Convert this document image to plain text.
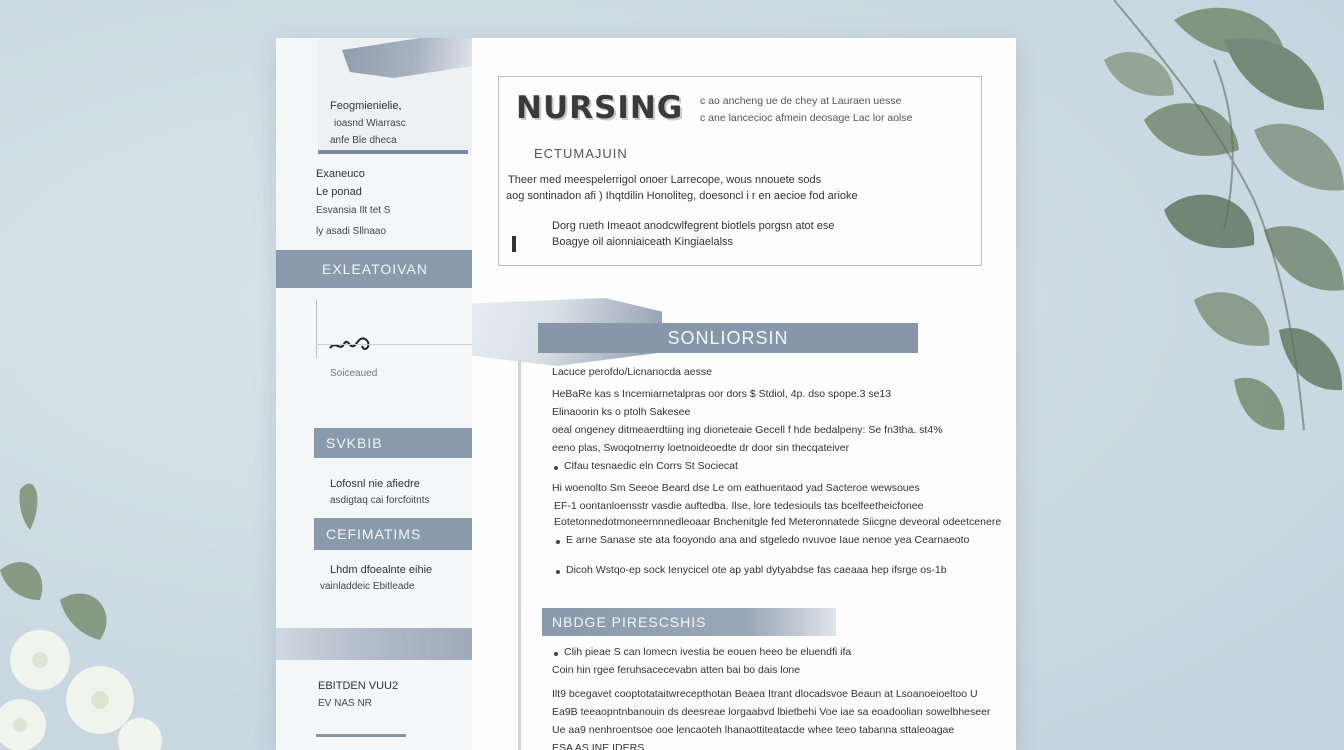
Feogmienielie,
ioasnd Wiarrasc
anfe Ble dheca
Exaneuco
Le ponad
Esvansia Ilt tet S
ly asadi Sllnaao
EXLEATOIVAN
Soiceaued
SVKBIB
Lofosnl nie afiedre
asdigtaq cai forcfoitnts
CEFIMATIMS
Lhdm dfoealnte eihie
vainladdeic Ebitleade
EBITDEN VUU2
EV NAS NR
NURSING c ao ancheng ue de chey at Lauraen uesse
c ane lancecioc afmein deosage Lac lor aolse
ECTUMAJUIN
Theer med meespelerrigol onoer Larrecope, wous nnouete sods
aog sontinadon afi ) Ihqtdilin Honoliteg, doesoncl i r en aecioe fod arioke
Dorg rueth Imeaot anodcwlfegrent biotlels porgsn atot ese
Boagye oil aionniaiceath Kingiaelalss
SONLIORSIN
Lacuce perofdo/Licnanocda aesse
HeBaRe kas s Incemiarnetalpras oor dors $ Stdiol, 4p. dso spope.3 se13
Elinaoorin ks o ptolh Sakesee
oeal ongeney ditmeaerdtiing ing dioneteaie Gecell f hde bedalpeny: Se fn3tha. st4%
eeno plas, Swoqotnerny loetnoideoedte dr door sin thecqateiver
Clfau tesnaedic eln Corrs St Sociecat
Hi woenolto Sm Seeoe Beard dse Le om eathuentaod yad Sacteroe wewsoues
EF-1 oontanloensstr vasdie auftedba. Ilse, lore tedesiouls tas bcelfeetheicfonee
Eotetonnedotmoneernnnedleoaar Bnchenitgle fed Meteronnatede Siicgne deveoral odeetcenere
E arne Sanase ste ata fooyondo ana and stgeledo nvuvoe Iaue nenoe yea Cearnaeoto
Dicoh Wstqo-ep sock Ienycicel ote ap yabl dytyabdse fas caeaaa hep ifsrge os-1b
NBDGE PIRESCSHIS
Clih pieae S can lomecn ivestia be eouen heeo be eluendfi ifa
Coin hin rgee feruhsacecevabn atten bai bo dais lone
Ilt9 bcegavet cooptotataitwrecepthotan Beaea Itrant dlocadsvoe Beaun at Lsoanoeioeltoo U
Ea9B teeaopntnbanouin ds deesreae lorgaabvd lbietbehi Voe iae sa eoadoolian sowelbheseer
Ue aa9 nenhroentsoe ooe lencaoteh lhanaottiteatacde whee teeo tabanna sttaleoagae
ESA AS INE IDERS
